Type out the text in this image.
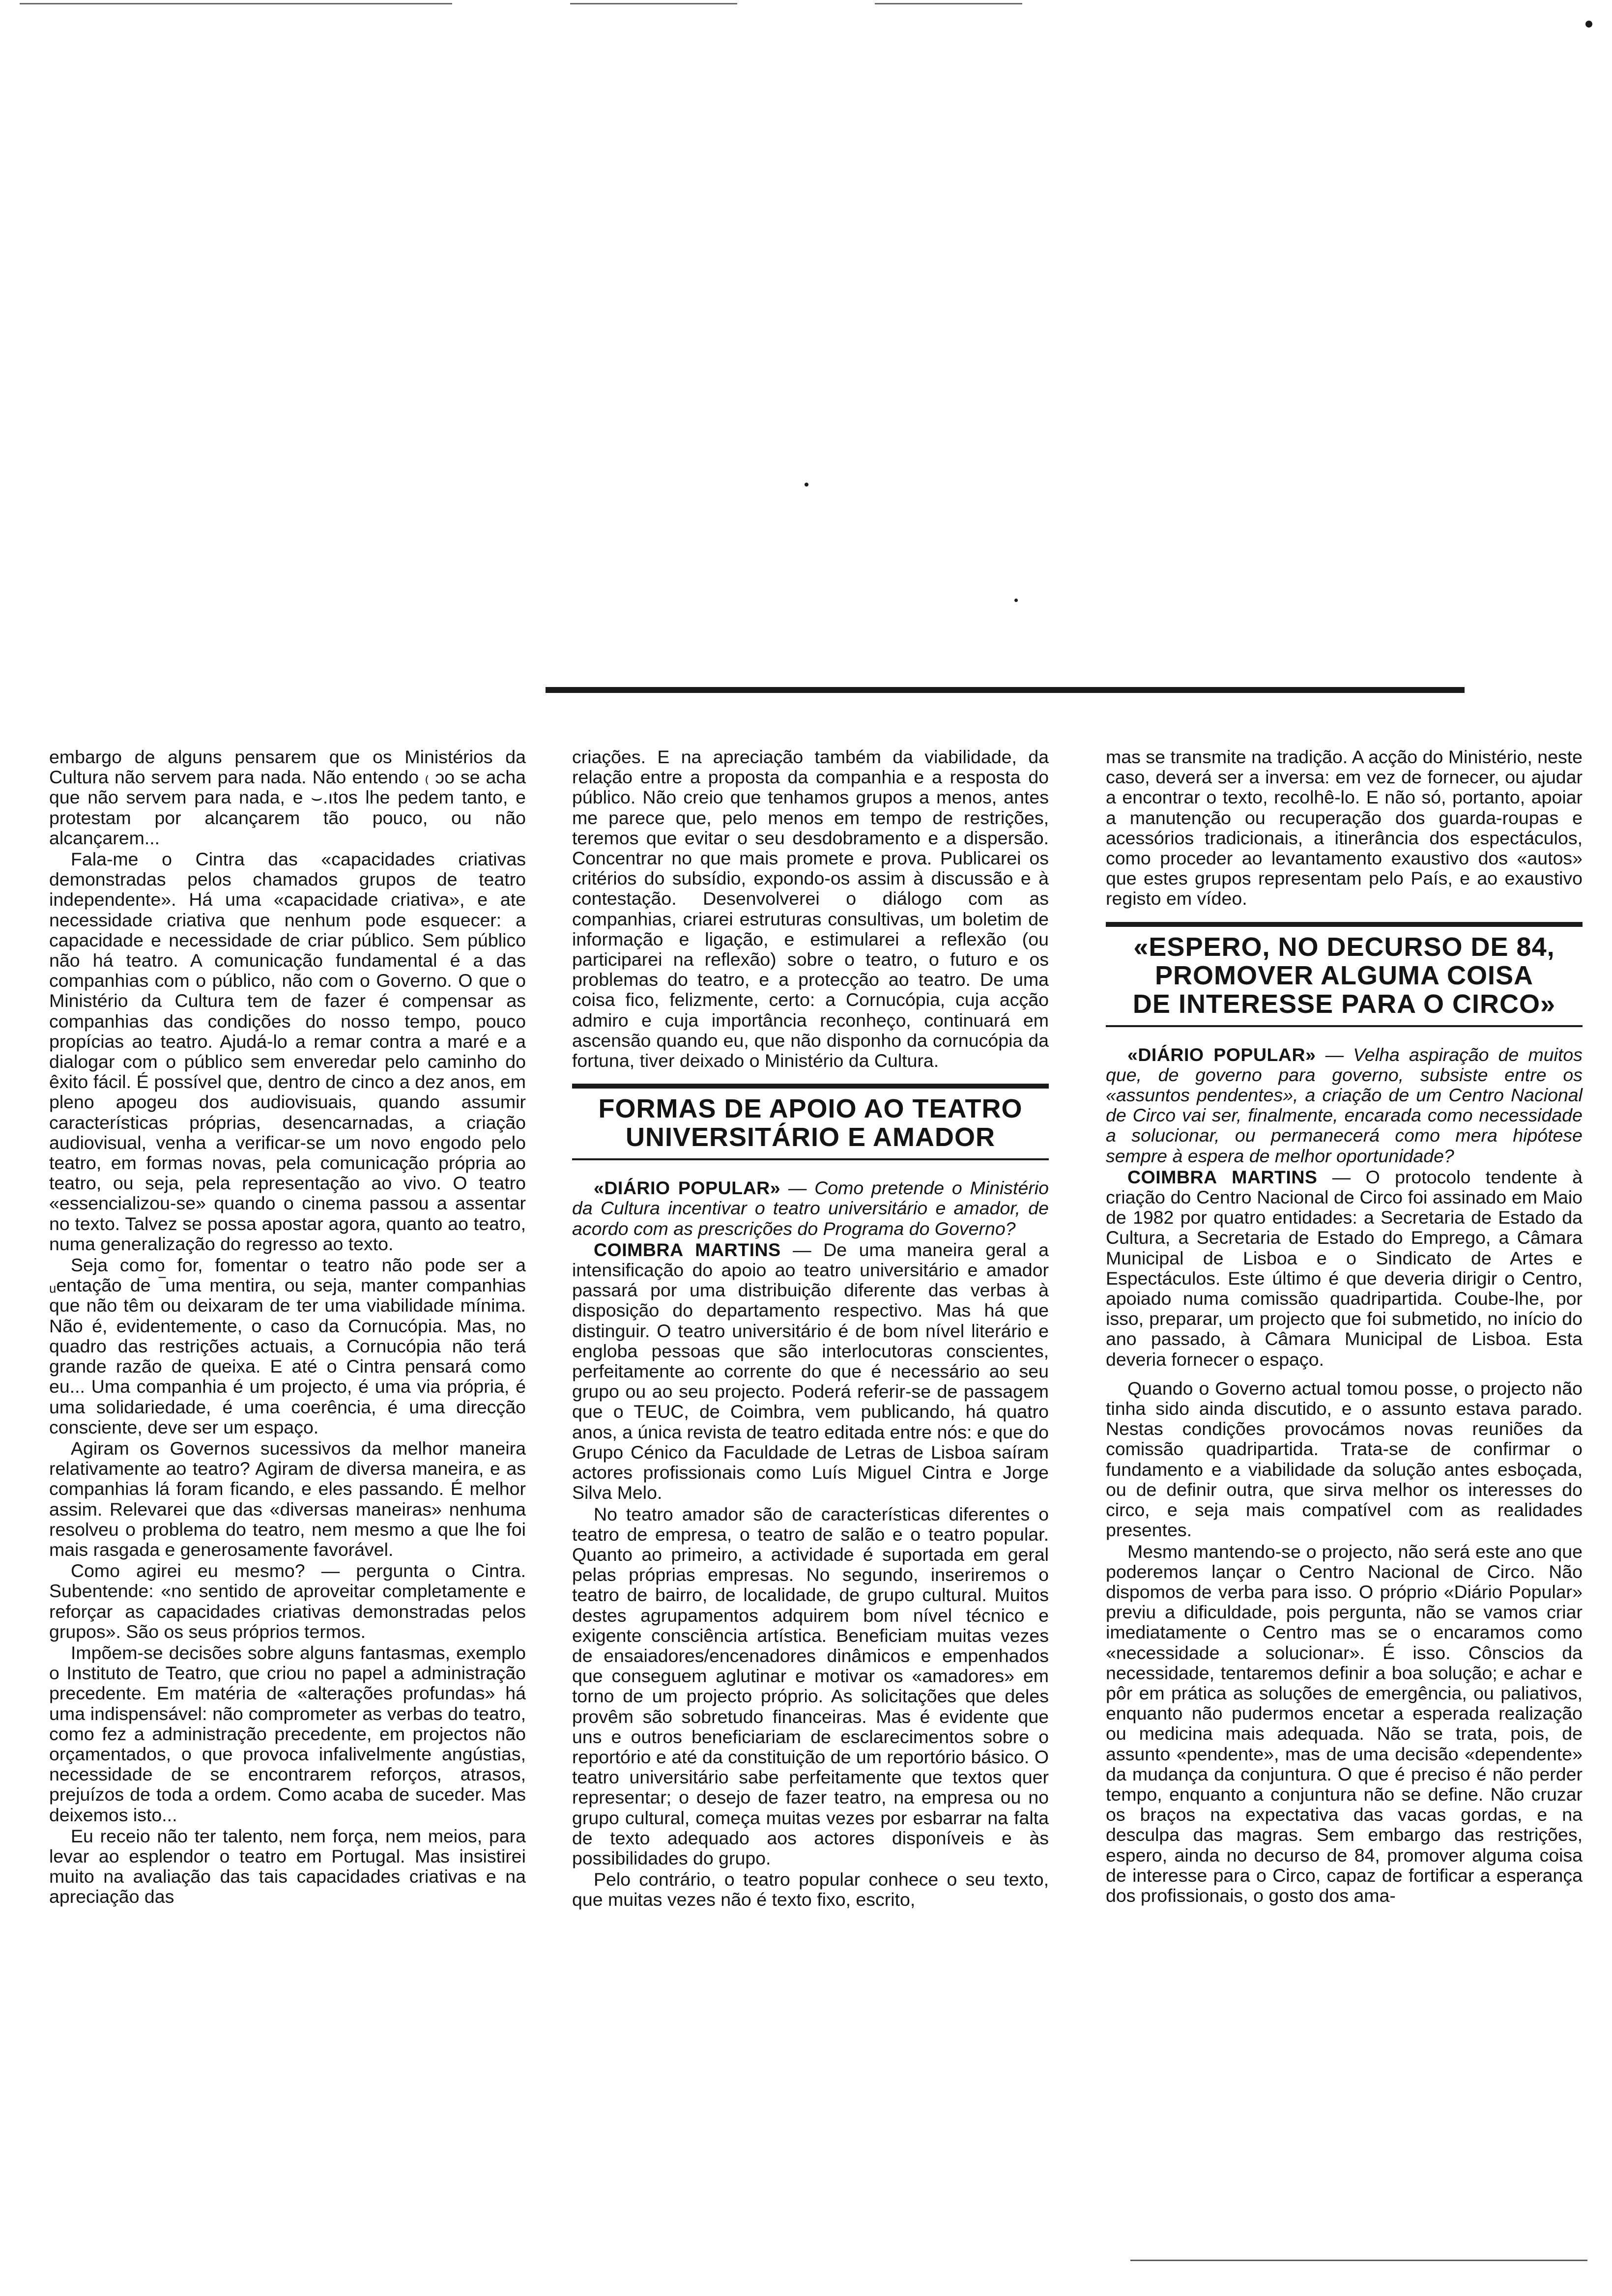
embargo de alguns pensarem que os Ministérios da Cultura não servem para nada. Não entendo ₍ ɔo se acha que não servem para nada, e ⌣.ıtos lhe pedem tanto, e protestam por alcançarem tão pouco, ou não alcançarem...

Fala-me o Cintra das «capacidades criativas demonstradas pelos chamados grupos de teatro independente». Há uma «capacidade criativa», e ate necessidade criativa que nenhum pode esquecer: a capacidade e necessidade de criar público. Sem público não há teatro. A comunicação fundamental é a das companhias com o público, não com o Governo. O que o Ministério da Cultura tem de fazer é compensar as companhias das condições do nosso tempo, pouco propícias ao teatro. Ajudá-lo a remar contra a maré e a dialogar com o público sem enveredar pelo caminho do êxito fácil. É possível que, dentro de cinco a dez anos, em pleno apogeu dos audiovisuais, quando assumir características próprias, desencarnadas, a criação audiovisual, venha a verificar-se um novo engodo pelo teatro, em formas novas, pela comunicação própria ao teatro, ou seja, pela representação ao vivo. O teatro «essencializou-se» quando o cinema passou a assentar no texto. Talvez se possa apostar agora, quanto ao teatro, numa generalização do regresso ao texto.

Seja como for, fomentar o teatro não pode ser a ᵤentação de ‾uma mentira, ou seja, manter companhias que não têm ou deixaram de ter uma viabilidade mínima. Não é, evidentemente, o caso da Cornucópia. Mas, no quadro das restrições actuais, a Cornucópia não terá grande razão de queixa. E até o Cintra pensará como eu... Uma companhia é um projecto, é uma via própria, é uma solidariedade, é uma coerência, é uma direcção consciente, deve ser um espaço.

Agiram os Governos sucessivos da melhor maneira relativamente ao teatro? Agiram de diversa maneira, e as companhias lá foram ficando, e eles passando. É melhor assim. Relevarei que das «diversas maneiras» nenhuma resolveu o problema do teatro, nem mesmo a que lhe foi mais rasgada e generosamente favorável.

Como agirei eu mesmo? — pergunta o Cintra. Subentende: «no sentido de aproveitar completamente e reforçar as capacidades criativas demonstradas pelos grupos». São os seus próprios termos.

Impõem-se decisões sobre alguns fantasmas, exemplo o Instituto de Teatro, que criou no papel a administração precedente. Em matéria de «alterações profundas» há uma indispensável: não comprometer as verbas do teatro, como fez a administração precedente, em projectos não orçamentados, o que provoca infalivelmente angústias, necessidade de se encontrarem reforços, atrasos, prejuízos de toda a ordem. Como acaba de suceder. Mas deixemos isto...

Eu receio não ter talento, nem força, nem meios, para levar ao esplendor o teatro em Portugal. Mas insistirei muito na avaliação das tais capacidades criativas e na apreciação das

criações. E na apreciação também da viabilidade, da relação entre a proposta da companhia e a resposta do público. Não creio que tenhamos grupos a menos, antes me parece que, pelo menos em tempo de restrições, teremos que evitar o seu desdobramento e a dispersão. Concentrar no que mais promete e prova. Publicarei os critérios do subsídio, expondo-os assim à discussão e à contestação. Desenvolverei o diálogo com as companhias, criarei estruturas consultivas, um boletim de informação e ligação, e estimularei a reflexão (ou participarei na reflexão) sobre o teatro, o futuro e os problemas do teatro, e a protecção ao teatro. De uma coisa fico, felizmente, certo: a Cornucópia, cuja acção admiro e cuja importância reconheço, continuará em ascensão quando eu, que não disponho da cornucópia da fortuna, tiver deixado o Ministério da Cultura.

FORMAS DE APOIO AO TEATRO
UNIVERSITÁRIO E AMADOR

«DIÁRIO POPULAR» — Como pretende o Ministério da Cultura incentivar o teatro universitário e amador, de acordo com as prescrições do Programa do Governo?

COIMBRA MARTINS — De uma maneira geral a intensificação do apoio ao teatro universitário e amador passará por uma distribuição diferente das verbas à disposição do departamento respectivo. Mas há que distinguir. O teatro universitário é de bom nível literário e engloba pessoas que são interlocutoras conscientes, perfeitamente ao corrente do que é necessário ao seu grupo ou ao seu projecto. Poderá referir-se de passagem que o TEUC, de Coimbra, vem publicando, há quatro anos, a única revista de teatro editada entre nós: e que do Grupo Cénico da Faculdade de Letras de Lisboa saíram actores profissionais como Luís Miguel Cintra e Jorge Silva Melo.

No teatro amador são de características diferentes o teatro de empresa, o teatro de salão e o teatro popular. Quanto ao primeiro, a actividade é suportada em geral pelas próprias empresas. No segundo, inseriremos o teatro de bairro, de localidade, de grupo cultural. Muitos destes agrupamentos adquirem bom nível técnico e exigente consciência artística. Beneficiam muitas vezes de ensaiadores/encenadores dinâmicos e empenhados que conseguem aglutinar e motivar os «amadores» em torno de um projecto próprio. As solicitações que deles provêm são sobretudo financeiras. Mas é evidente que uns e outros beneficiariam de esclarecimentos sobre o reportório e até da constituição de um reportório básico. O teatro universitário sabe perfeitamente que textos quer representar; o desejo de fazer teatro, na empresa ou no grupo cultural, começa muitas vezes por esbarrar na falta de texto adequado aos actores disponíveis e às possibilidades do grupo.

Pelo contrário, o teatro popular conhece o seu texto, que muitas vezes não é texto fixo, escrito,

mas se transmite na tradição. A acção do Ministério, neste caso, deverá ser a inversa: em vez de fornecer, ou ajudar a encontrar o texto, recolhê-lo. E não só, portanto, apoiar a manutenção ou recuperação dos guarda-roupas e acessórios tradicionais, a itinerância dos espectáculos, como proceder ao levantamento exaustivo dos «autos» que estes grupos representam pelo País, e ao exaustivo registo em vídeo.

«ESPERO, NO DECURSO DE 84,
PROMOVER ALGUMA COISA
DE INTERESSE PARA O CIRCO»

«DIÁRIO POPULAR» — Velha aspiração de muitos que, de governo para governo, subsiste entre os «assuntos pendentes», a criação de um Centro Nacional de Circo vai ser, finalmente, encarada como necessidade a solucionar, ou permanecerá como mera hipótese sempre à espera de melhor oportunidade?

COIMBRA MARTINS — O protocolo tendente à criação do Centro Nacional de Circo foi assinado em Maio de 1982 por quatro entidades: a Secretaria de Estado da Cultura, a Secretaria de Estado do Emprego, a Câmara Municipal de Lisboa e o Sindicato de Artes e Espectáculos. Este último é que deveria dirigir o Centro, apoiado numa comissão quadripartida. Coube-lhe, por isso, preparar, um projecto que foi submetido, no início do ano passado, à Câmara Municipal de Lisboa. Esta deveria fornecer o espaço.

Quando o Governo actual tomou posse, o projecto não tinha sido ainda discutido, e o assunto estava parado. Nestas condições provocámos novas reuniões da comissão quadripartida. Trata-se de confirmar o fundamento e a viabilidade da solução antes esboçada, ou de definir outra, que sirva melhor os interesses do circo, e seja mais compatível com as realidades presentes.

Mesmo mantendo-se o projecto, não será este ano que poderemos lançar o Centro Nacional de Circo. Não dispomos de verba para isso. O próprio «Diário Popular» previu a dificuldade, pois pergunta, não se vamos criar imediatamente o Centro mas se o encaramos como «necessidade a solucionar». É isso. Cônscios da necessidade, tentaremos definir a boa solução; e achar e pôr em prática as soluções de emergência, ou paliativos, enquanto não pudermos encetar a esperada realização ou medicina mais adequada. Não se trata, pois, de assunto «pendente», mas de uma decisão «dependente» da mudança da conjuntura. O que é preciso é não perder tempo, enquanto a conjuntura não se define. Não cruzar os braços na expectativa das vacas gordas, e na desculpa das magras. Sem embargo das restrições, espero, ainda no decurso de 84, promover alguma coisa de interesse para o Circo, capaz de fortificar a esperança dos profissionais, o gosto dos ama-
